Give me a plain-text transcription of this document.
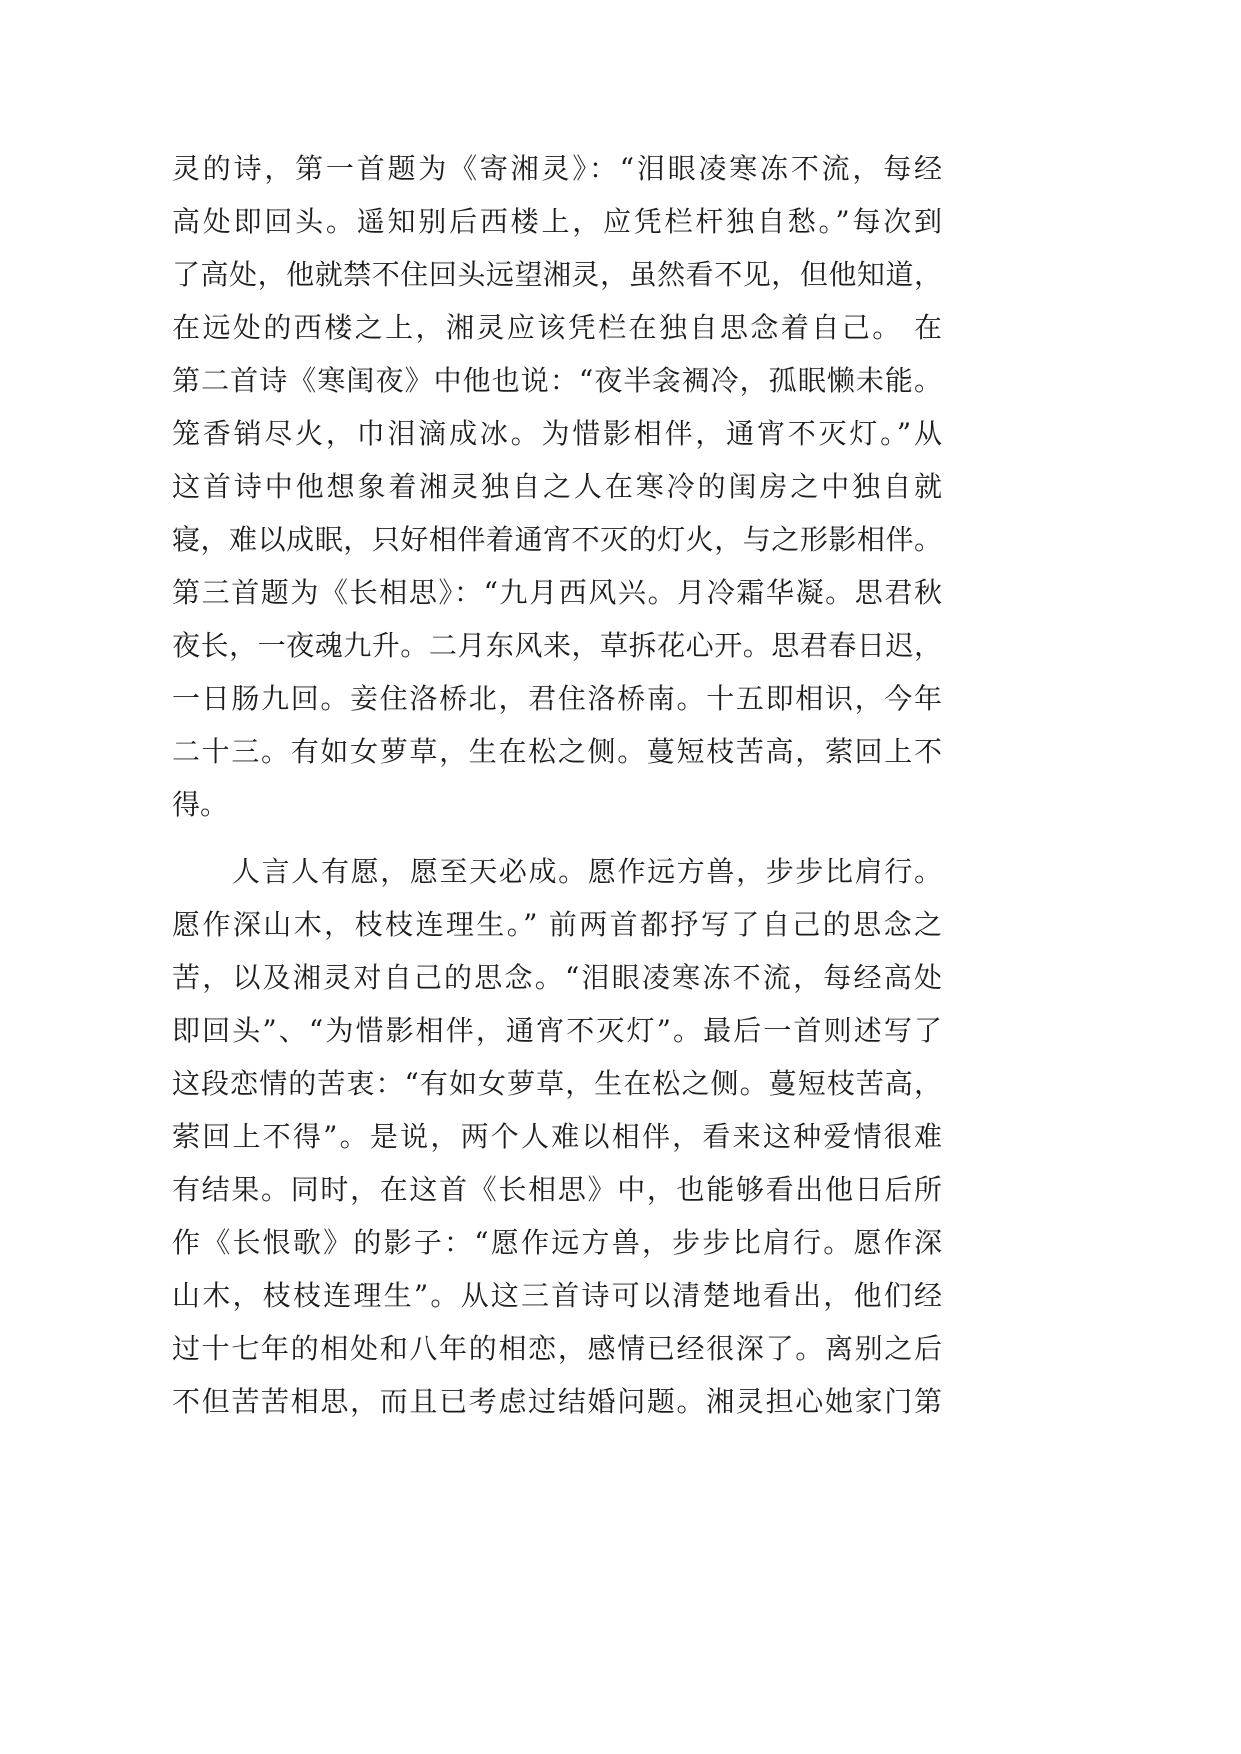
灵的诗，第一首题为《寄湘灵》：“泪眼凌寒冻不流，每经
高处即回头。遥知别后西楼上，应凭栏杆独自愁。”每次到
了高处，他就禁不住回头远望湘灵，虽然看不见，但他知道，
在远处的西楼之上，湘灵应该凭栏在独自思念着自己。 在
第二首诗《寒闺夜》中他也说：“夜半衾裯冷，孤眠懒未能。
笼香销尽火，巾泪滴成冰。为惜影相伴，通宵不灭灯。”从
这首诗中他想象着湘灵独自之人在寒冷的闺房之中独自就
寝，难以成眠，只好相伴着通宵不灭的灯火，与之形影相伴。
第三首题为《长相思》：“九月西风兴。月冷霜华凝。思君秋
夜长，一夜魂九升。二月东风来，草拆花心开。思君春日迟，
一日肠九回。妾住洛桥北，君住洛桥南。十五即相识，今年
二十三。有如女萝草，生在松之侧。蔓短枝苦高，萦回上不
得。
人言人有愿，愿至天必成。愿作远方兽，步步比肩行。
愿作深山木，枝枝连理生。” 前两首都抒写了自己的思念之
苦，以及湘灵对自己的思念。“泪眼凌寒冻不流，每经高处
即回头”、“为惜影相伴，通宵不灭灯”。最后一首则述写了
这段恋情的苦衷：“有如女萝草，生在松之侧。蔓短枝苦高，
萦回上不得”。是说，两个人难以相伴，看来这种爱情很难
有结果。同时，在这首《长相思》中，也能够看出他日后所
作《长恨歌》的影子：“愿作远方兽，步步比肩行。愿作深
山木，枝枝连理生”。从这三首诗可以清楚地看出，他们经
过十七年的相处和八年的相恋，感情已经很深了。离别之后
不但苦苦相思，而且已考虑过结婚问题。湘灵担心她家门第
